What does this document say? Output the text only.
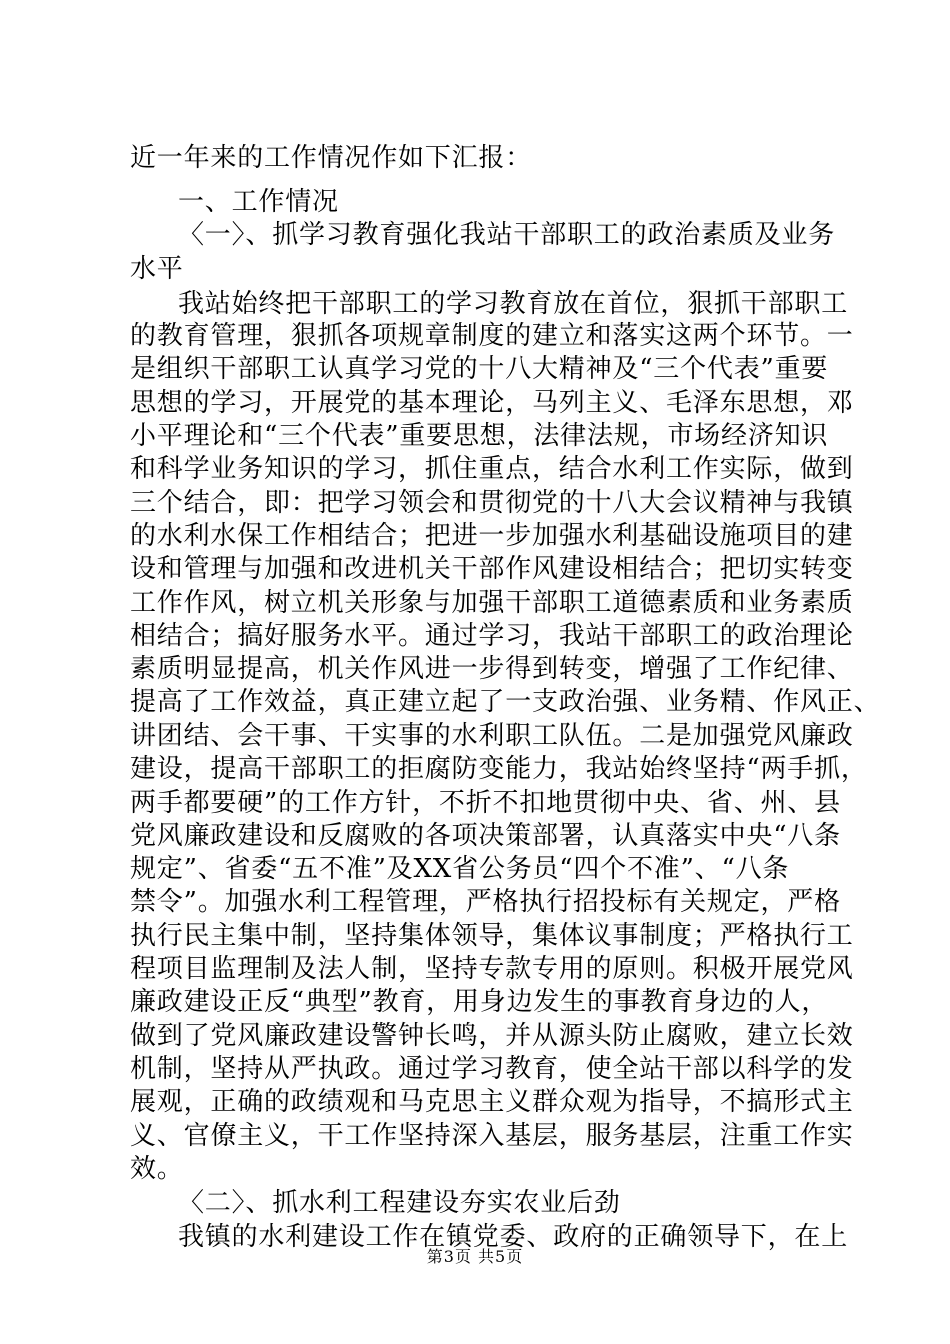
近一年来的工作情况作如下汇报：
一、工作情况
〈一〉、抓学习教育强化我站干部职工的政治素质及业务
水平
我站始终把干部职工的学习教育放在首位，狠抓干部职工
的教育管理，狠抓各项规章制度的建立和落实这两个环节。一
是组织干部职工认真学习党的十八大精神及“三个代表”重要
思想的学习，开展党的基本理论，马列主义、毛泽东思想，邓
小平理论和“三个代表”重要思想，法律法规，市场经济知识
和科学业务知识的学习，抓住重点，结合水利工作实际，做到
三个结合，即：把学习领会和贯彻党的十八大会议精神与我镇
的水利水保工作相结合；把进一步加强水利基础设施项目的建
设和管理与加强和改进机关干部作风建设相结合；把切实转变
工作作风，树立机关形象与加强干部职工道德素质和业务素质
相结合；搞好服务水平。通过学习，我站干部职工的政治理论
素质明显提高，机关作风进一步得到转变，增强了工作纪律、
提高了工作效益，真正建立起了一支政治强、业务精、作风正、
讲团结、会干事、干实事的水利职工队伍。二是加强党风廉政
建设，提高干部职工的拒腐防变能力，我站始终坚持“两手抓，
两手都要硬”的工作方针，不折不扣地贯彻中央、省、州、县
党风廉政建设和反腐败的各项决策部署，认真落实中央“八条
规定”、省委“五不准”及XX省公务员“四个不准”、“八条
禁令”。加强水利工程管理，严格执行招投标有关规定，严格
执行民主集中制，坚持集体领导，集体议事制度；严格执行工
程项目监理制及法人制，坚持专款专用的原则。积极开展党风
廉政建设正反“典型”教育，用身边发生的事教育身边的人，
做到了党风廉政建设警钟长鸣，并从源头防止腐败，建立长效
机制，坚持从严执政。通过学习教育，使全站干部以科学的发
展观，正确的政绩观和马克思主义群众观为指导，不搞形式主
义、官僚主义，干工作坚持深入基层，服务基层，注重工作实
效。
〈二〉、抓水利工程建设夯实农业后劲
我镇的水利建设工作在镇党委、政府的正确领导下，在上
第3页 共5页
